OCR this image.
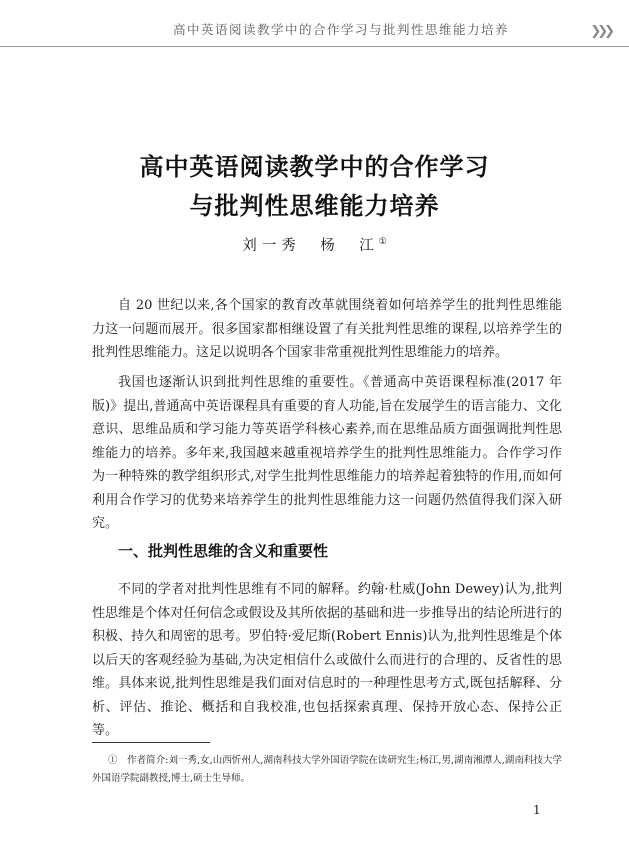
高中英语阅读教学中的合作学习与批判性思维能力培养	❯❯❯
高中英语阅读教学中的合作学习
与批判性思维能力培养
刘一秀　杨　江①

自 20 世纪以来,各个国家的教育改革就围绕着如何培养学生的批判性思维能力这一问题而展开。很多国家都相继设置了有关批判性思维的课程,以培养学生的批判性思维能力。这足以说明各个国家非常重视批判性思维能力的培养。

我国也逐渐认识到批判性思维的重要性。《普通高中英语课程标准(2017 年版)》提出,普通高中英语课程具有重要的育人功能,旨在发展学生的语言能力、文化意识、思维品质和学习能力等英语学科核心素养,而在思维品质方面强调批判性思维能力的培养。多年来,我国越来越重视培养学生的批判性思维能力。合作学习作为一种特殊的教学组织形式,对学生批判性思维能力的培养起着独特的作用,而如何利用合作学习的优势来培养学生的批判性思维能力这一问题仍然值得我们深入研究。

一、批判性思维的含义和重要性

不同的学者对批判性思维有不同的解释。约翰·杜威(John Dewey)认为,批判性思维是个体对任何信念或假设及其所依据的基础和进一步推导出的结论所进行的积极、持久和周密的思考。罗伯特·爱尼斯(Robert Ennis)认为,批判性思维是个体以后天的客观经验为基础,为决定相信什么或做什么而进行的合理的、反省性的思维。具体来说,批判性思维是我们面对信息时的一种理性思考方式,既包括解释、分析、评估、推论、概括和自我校准,也包括探索真理、保持开放心态、保持公正等。

①　作者简介:刘一秀,女,山西忻州人,湖南科技大学外国语学院在读研究生;杨江,男,湖南湘潭人,湖南科技大学外国语学院副教授,博士,硕士生导师。

1
